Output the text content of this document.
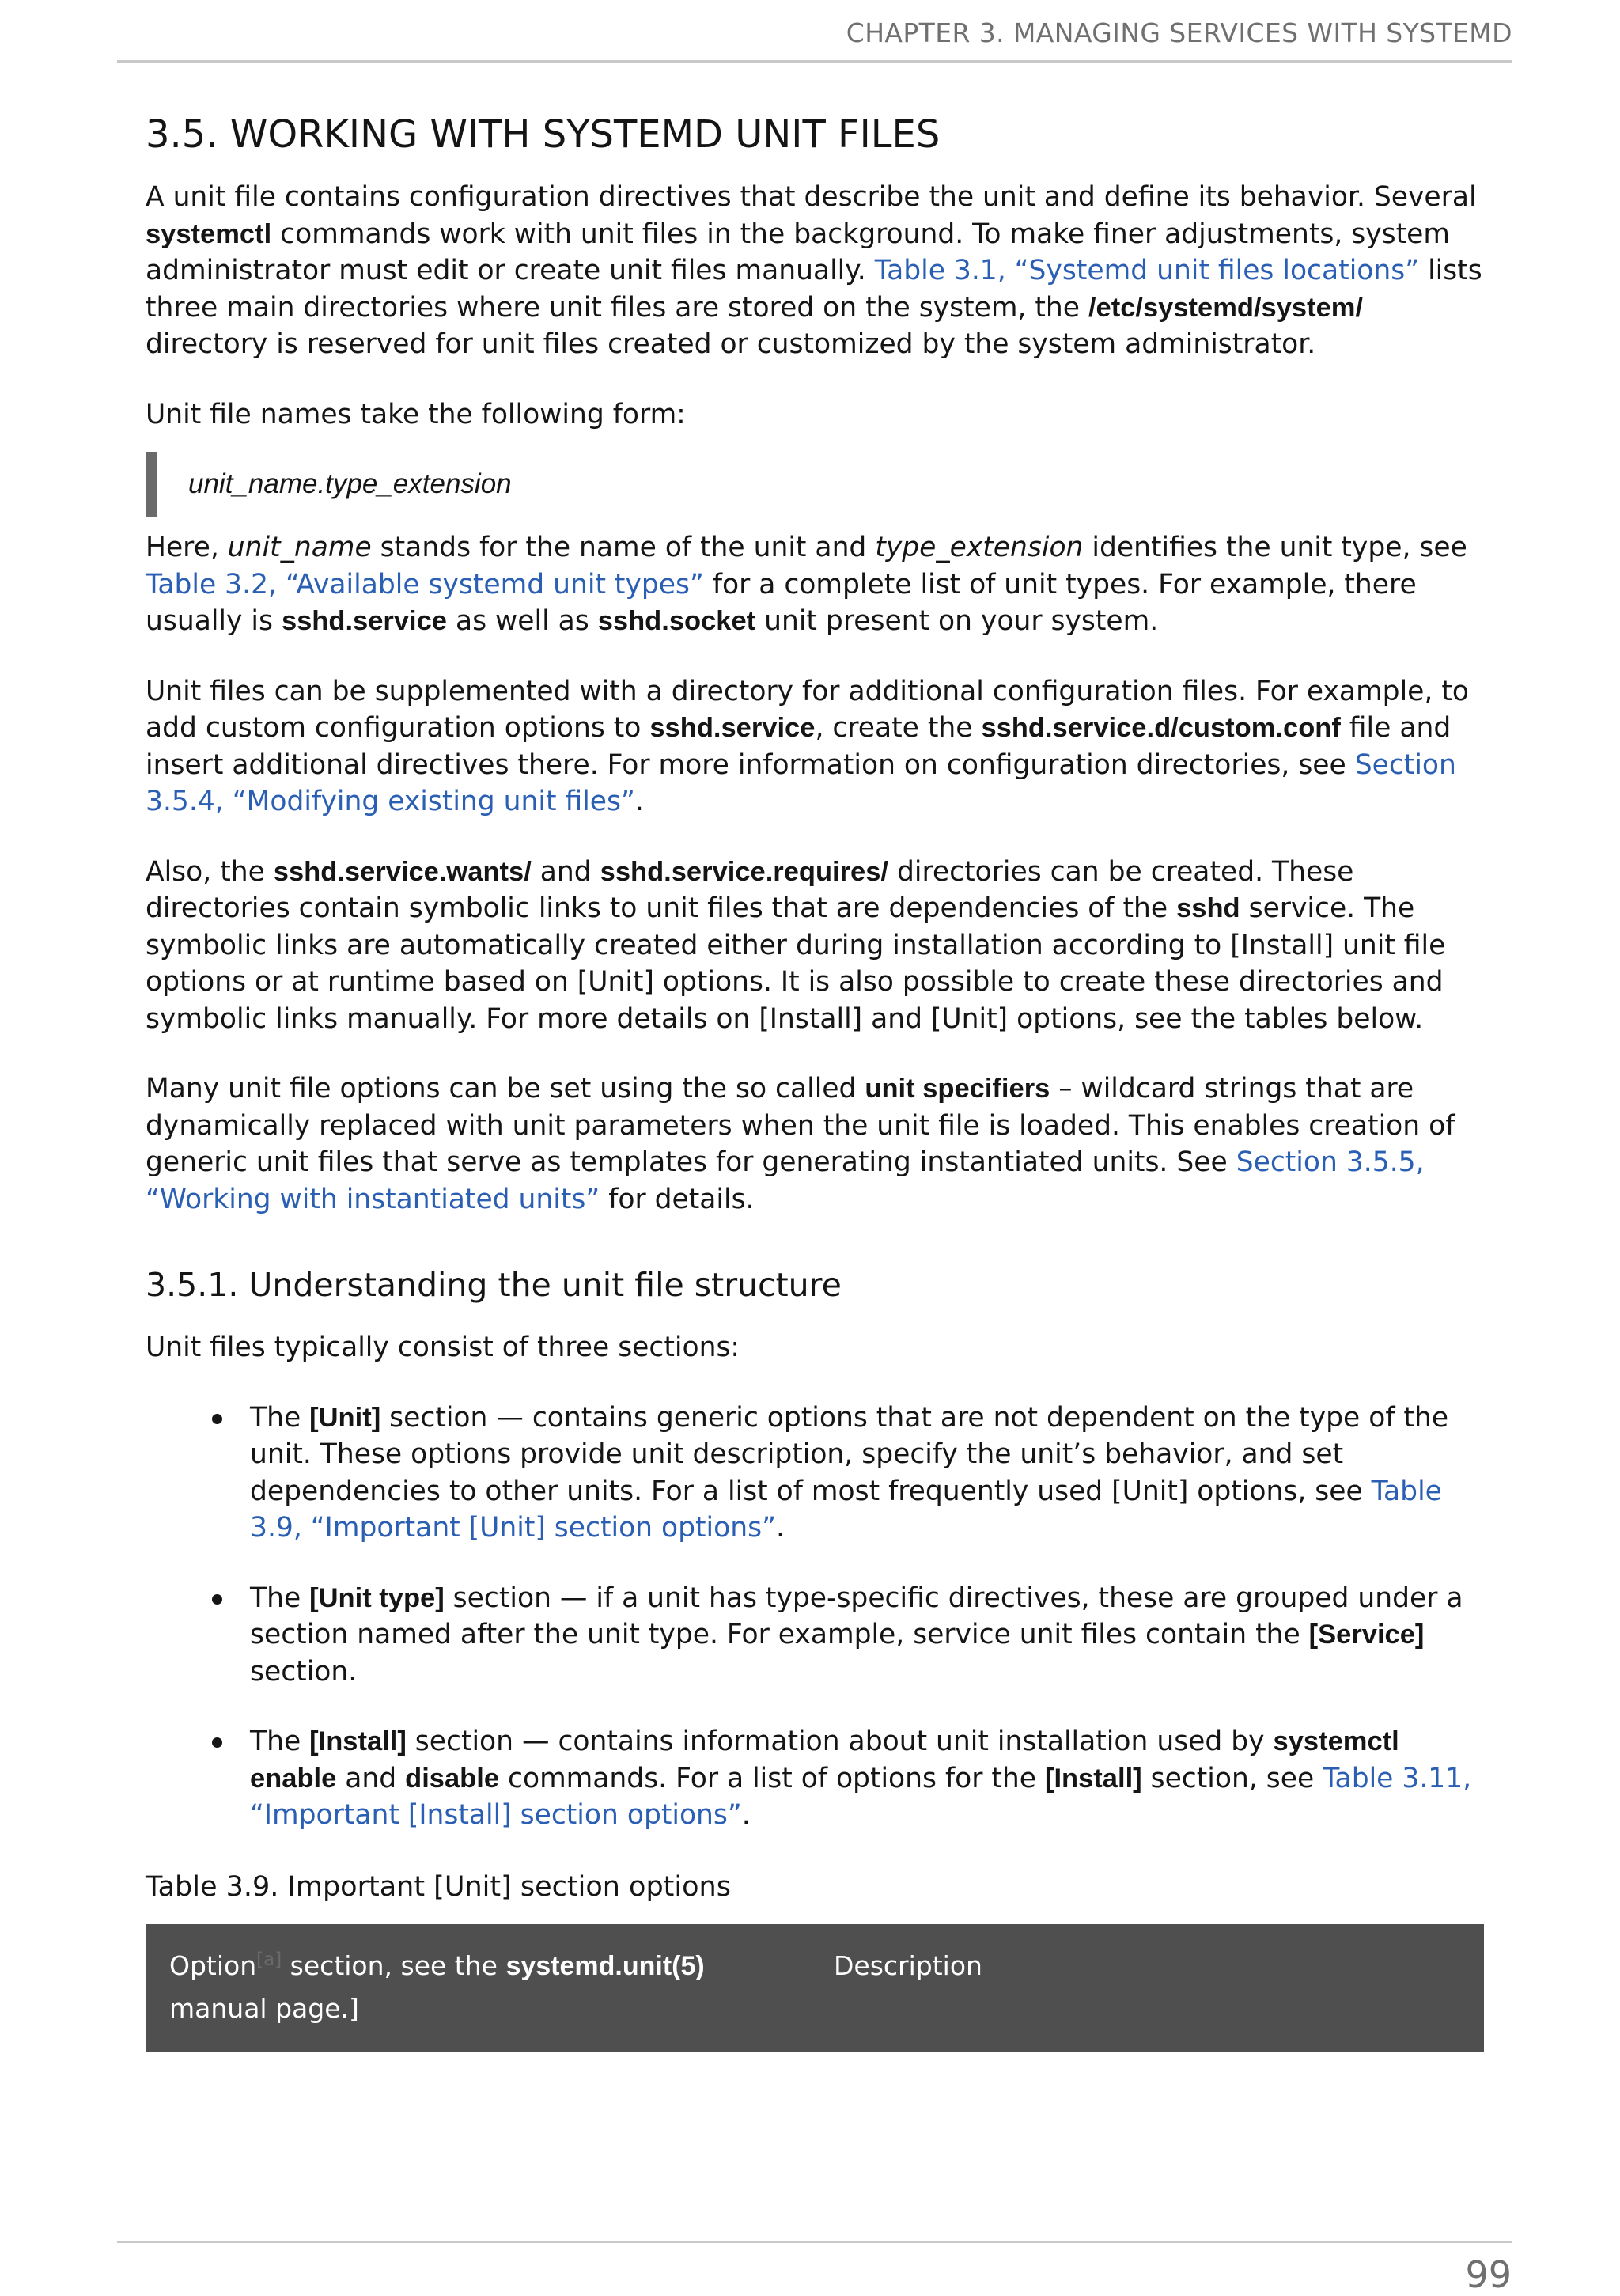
CHAPTER 3. MANAGING SERVICES WITH SYSTEMD
3.5. WORKING WITH SYSTEMD UNIT FILES

A unit file contains configuration directives that describe the unit and define its behavior. Several systemctl commands work with unit files in the background. To make finer adjustments, system administrator must edit or create unit files manually. Table 3.1, “Systemd unit files locations” lists three main directories where unit files are stored on the system, the /etc/systemd/system/ directory is reserved for unit files created or customized by the system administrator.

Unit file names take the following form:

unit_name.type_extension

Here, unit_name stands for the name of the unit and type_extension identifies the unit type, see Table 3.2, “Available systemd unit types” for a complete list of unit types. For example, there usually is sshd.service as well as sshd.socket unit present on your system.

Unit files can be supplemented with a directory for additional configuration files. For example, to add custom configuration options to sshd.service, create the sshd.service.d/custom.conf file and insert additional directives there. For more information on configuration directories, see Section 3.5.4, “Modifying existing unit files”.

Also, the sshd.service.wants/ and sshd.service.requires/ directories can be created. These directories contain symbolic links to unit files that are dependencies of the sshd service. The symbolic links are automatically created either during installation according to [Install] unit file options or at runtime based on [Unit] options. It is also possible to create these directories and symbolic links manually. For more details on [Install] and [Unit] options, see the tables below.

Many unit file options can be set using the so called unit specifiers – wildcard strings that are dynamically replaced with unit parameters when the unit file is loaded. This enables creation of generic unit files that serve as templates for generating instantiated units. See Section 3.5.5, “Working with instantiated units” for details.

3.5.1. Understanding the unit file structure

Unit files typically consist of three sections:

The [Unit] section — contains generic options that are not dependent on the type of the unit. These options provide unit description, specify the unit’s behavior, and set dependencies to other units. For a list of most frequently used [Unit] options, see Table 3.9, “Important [Unit] section options”.
The [Unit type] section — if a unit has type-specific directives, these are grouped under a section named after the unit type. For example, service unit files contain the [Service] section.
The [Install] section — contains information about unit installation used by systemctl enable and disable commands. For a list of options for the [Install] section, see Table 3.11, “Important [Install] section options”.
Table 3.9. Important [Unit] section options
Option[a] section, see the systemd.unit(5)
manual page.]
Description
99
